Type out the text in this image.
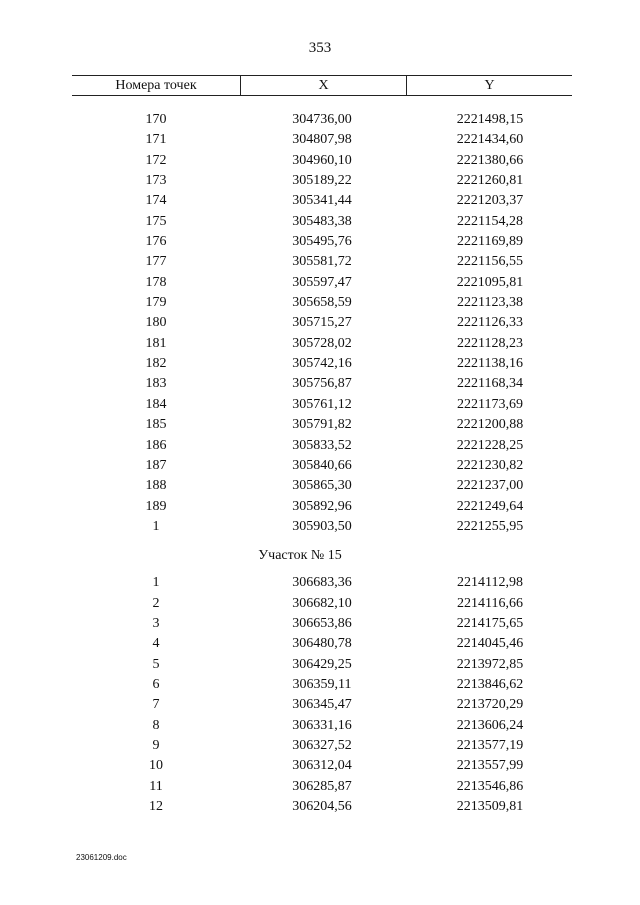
353
Номера точек	X	Y
170	304736,00	2221498,15
171	304807,98	2221434,60
172	304960,10	2221380,66
173	305189,22	2221260,81
174	305341,44	2221203,37
175	305483,38	2221154,28
176	305495,76	2221169,89
177	305581,72	2221156,55
178	305597,47	2221095,81
179	305658,59	2221123,38
180	305715,27	2221126,33
181	305728,02	2221128,23
182	305742,16	2221138,16
183	305756,87	2221168,34
184	305761,12	2221173,69
185	305791,82	2221200,88
186	305833,52	2221228,25
187	305840,66	2221230,82
188	305865,30	2221237,00
189	305892,96	2221249,64
1	305903,50	2221255,95
Участок № 15
1	306683,36	2214112,98
2	306682,10	2214116,66
3	306653,86	2214175,65
4	306480,78	2214045,46
5	306429,25	2213972,85
6	306359,11	2213846,62
7	306345,47	2213720,29
8	306331,16	2213606,24
9	306327,52	2213577,19
10	306312,04	2213557,99
11	306285,87	2213546,86
12	306204,56	2213509,81
23061209.doc
